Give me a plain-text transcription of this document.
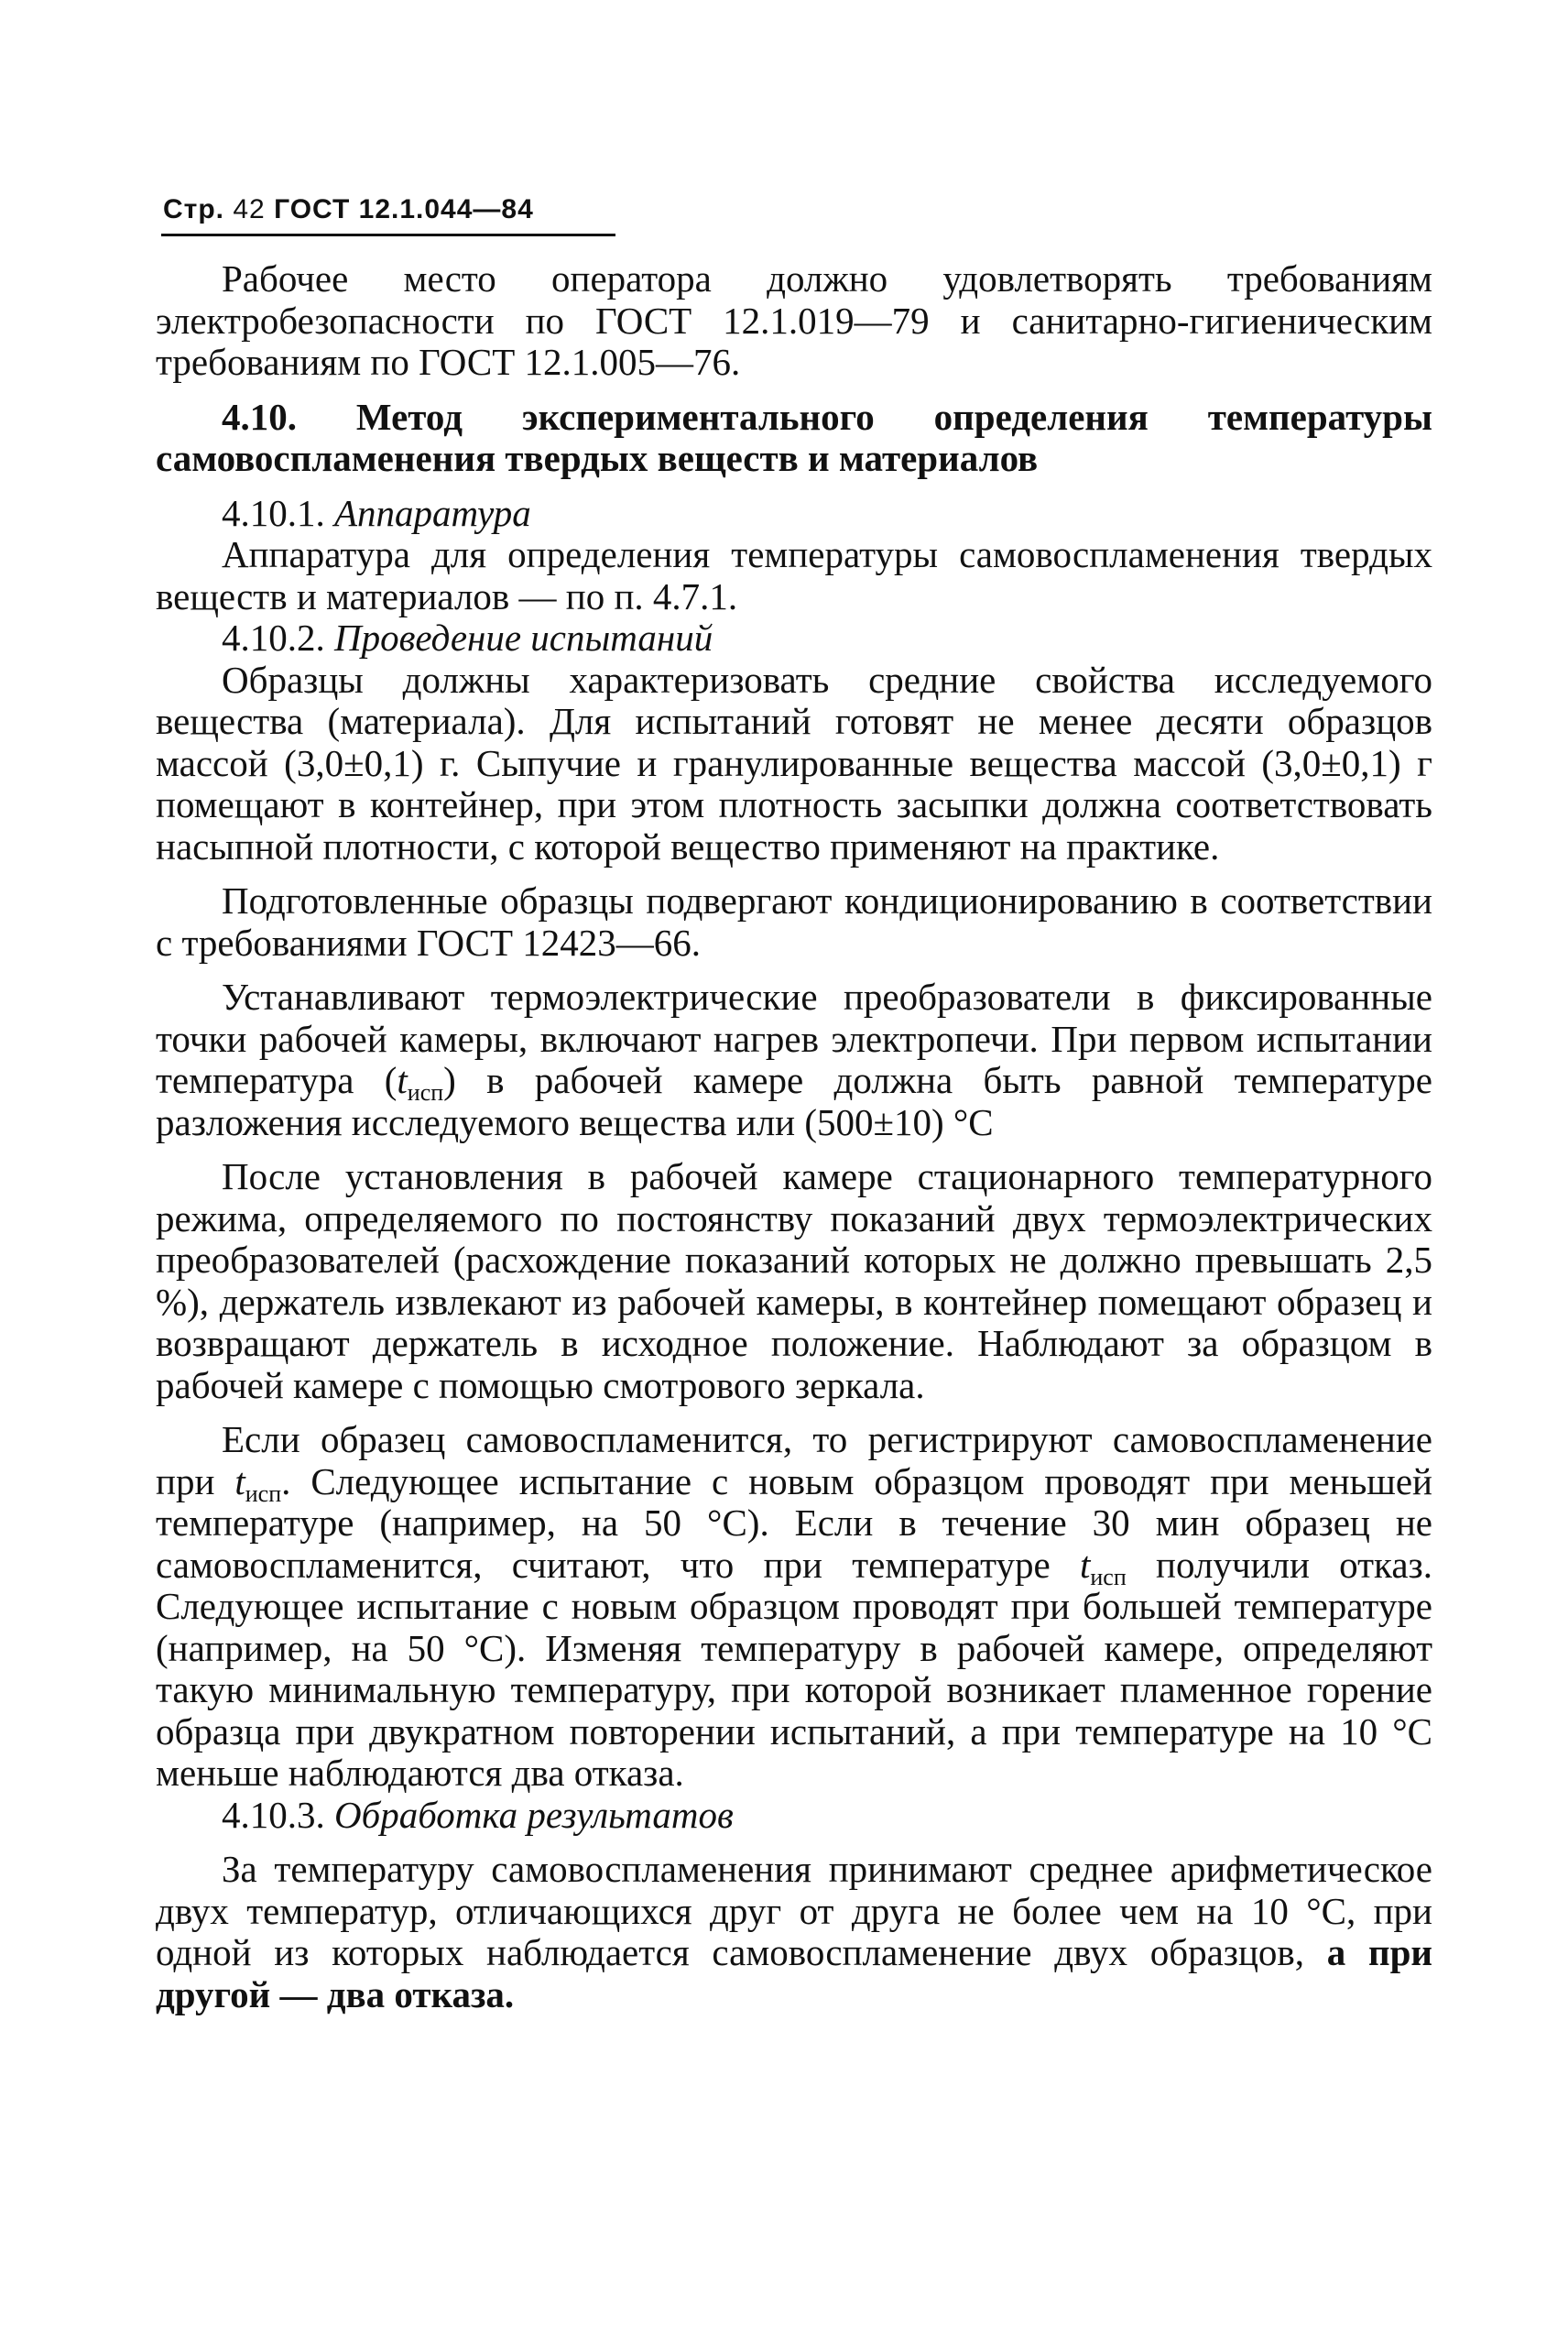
Стр. 42 ГОСТ 12.1.044—84

Рабочее место оператора должно удовлетворять требованиям электробезопасности по ГОСТ 12.1.019—79 и санитарно-гигиеническим требованиям по ГОСТ 12.1.005—76.

4.10. Метод экспериментального определения температуры самовоспламенения твердых веществ и материалов

4.10.1. Аппаратура

Аппаратура для определения температуры самовоспламенения твердых веществ и материалов — по п. 4.7.1.

4.10.2. Проведение испытаний

Образцы должны характеризовать средние свойства исследуемого вещества (материала). Для испытаний готовят не менее десяти образцов массой (3,0±0,1) г. Сыпучие и гранулированные вещества массой (3,0±0,1) г помещают в контейнер, при этом плотность засыпки должна соответствовать насыпной плотности, с которой вещество применяют на практике.

Подготовленные образцы подвергают кондиционированию в соответствии с требованиями ГОСТ 12423—66.

Устанавливают термоэлектрические преобразователи в фиксированные точки рабочей камеры, включают нагрев электропечи. При первом испытании температура $(t_{исп})$ в рабочей камере должна быть равной температуре разложения исследуемого вещества или (500±10) °C

После установления в рабочей камере стационарного температурного режима, определяемого по постоянству показаний двух термоэлектрических преобразователей (расхождение показаний которых не должно превышать 2,5 %), держатель извлекают из рабочей камеры, в контейнер помещают образец и возвращают держатель в исходное положение. Наблюдают за образцом в рабочей камере с помощью смотрового зеркала.

Если образец самовоспламенится, то регистрируют самовоспламенение при $t_{исп}$. Следующее испытание с новым образцом проводят при меньшей температуре (например, на 50 °C). Если в течение 30 мин образец не самовоспламенится, считают, что при температуре $t_{исп}$ получили отказ. Следующее испытание с новым образцом проводят при большей температуре (например, на 50 °C). Изменяя температуру в рабочей камере, определяют такую минимальную температуру, при которой возникает пламенное горение образца при двукратном повторении испытаний, а при температуре на 10 °C меньше наблюдаются два отказа.

4.10.3. Обработка результатов

За температуру самовоспламенения принимают среднее арифметическое двух температур, отличающихся друг от друга не более чем на 10 °C, при одной из которых наблюдается самовоспламенение двух образцов, а при другой — два отказа.
